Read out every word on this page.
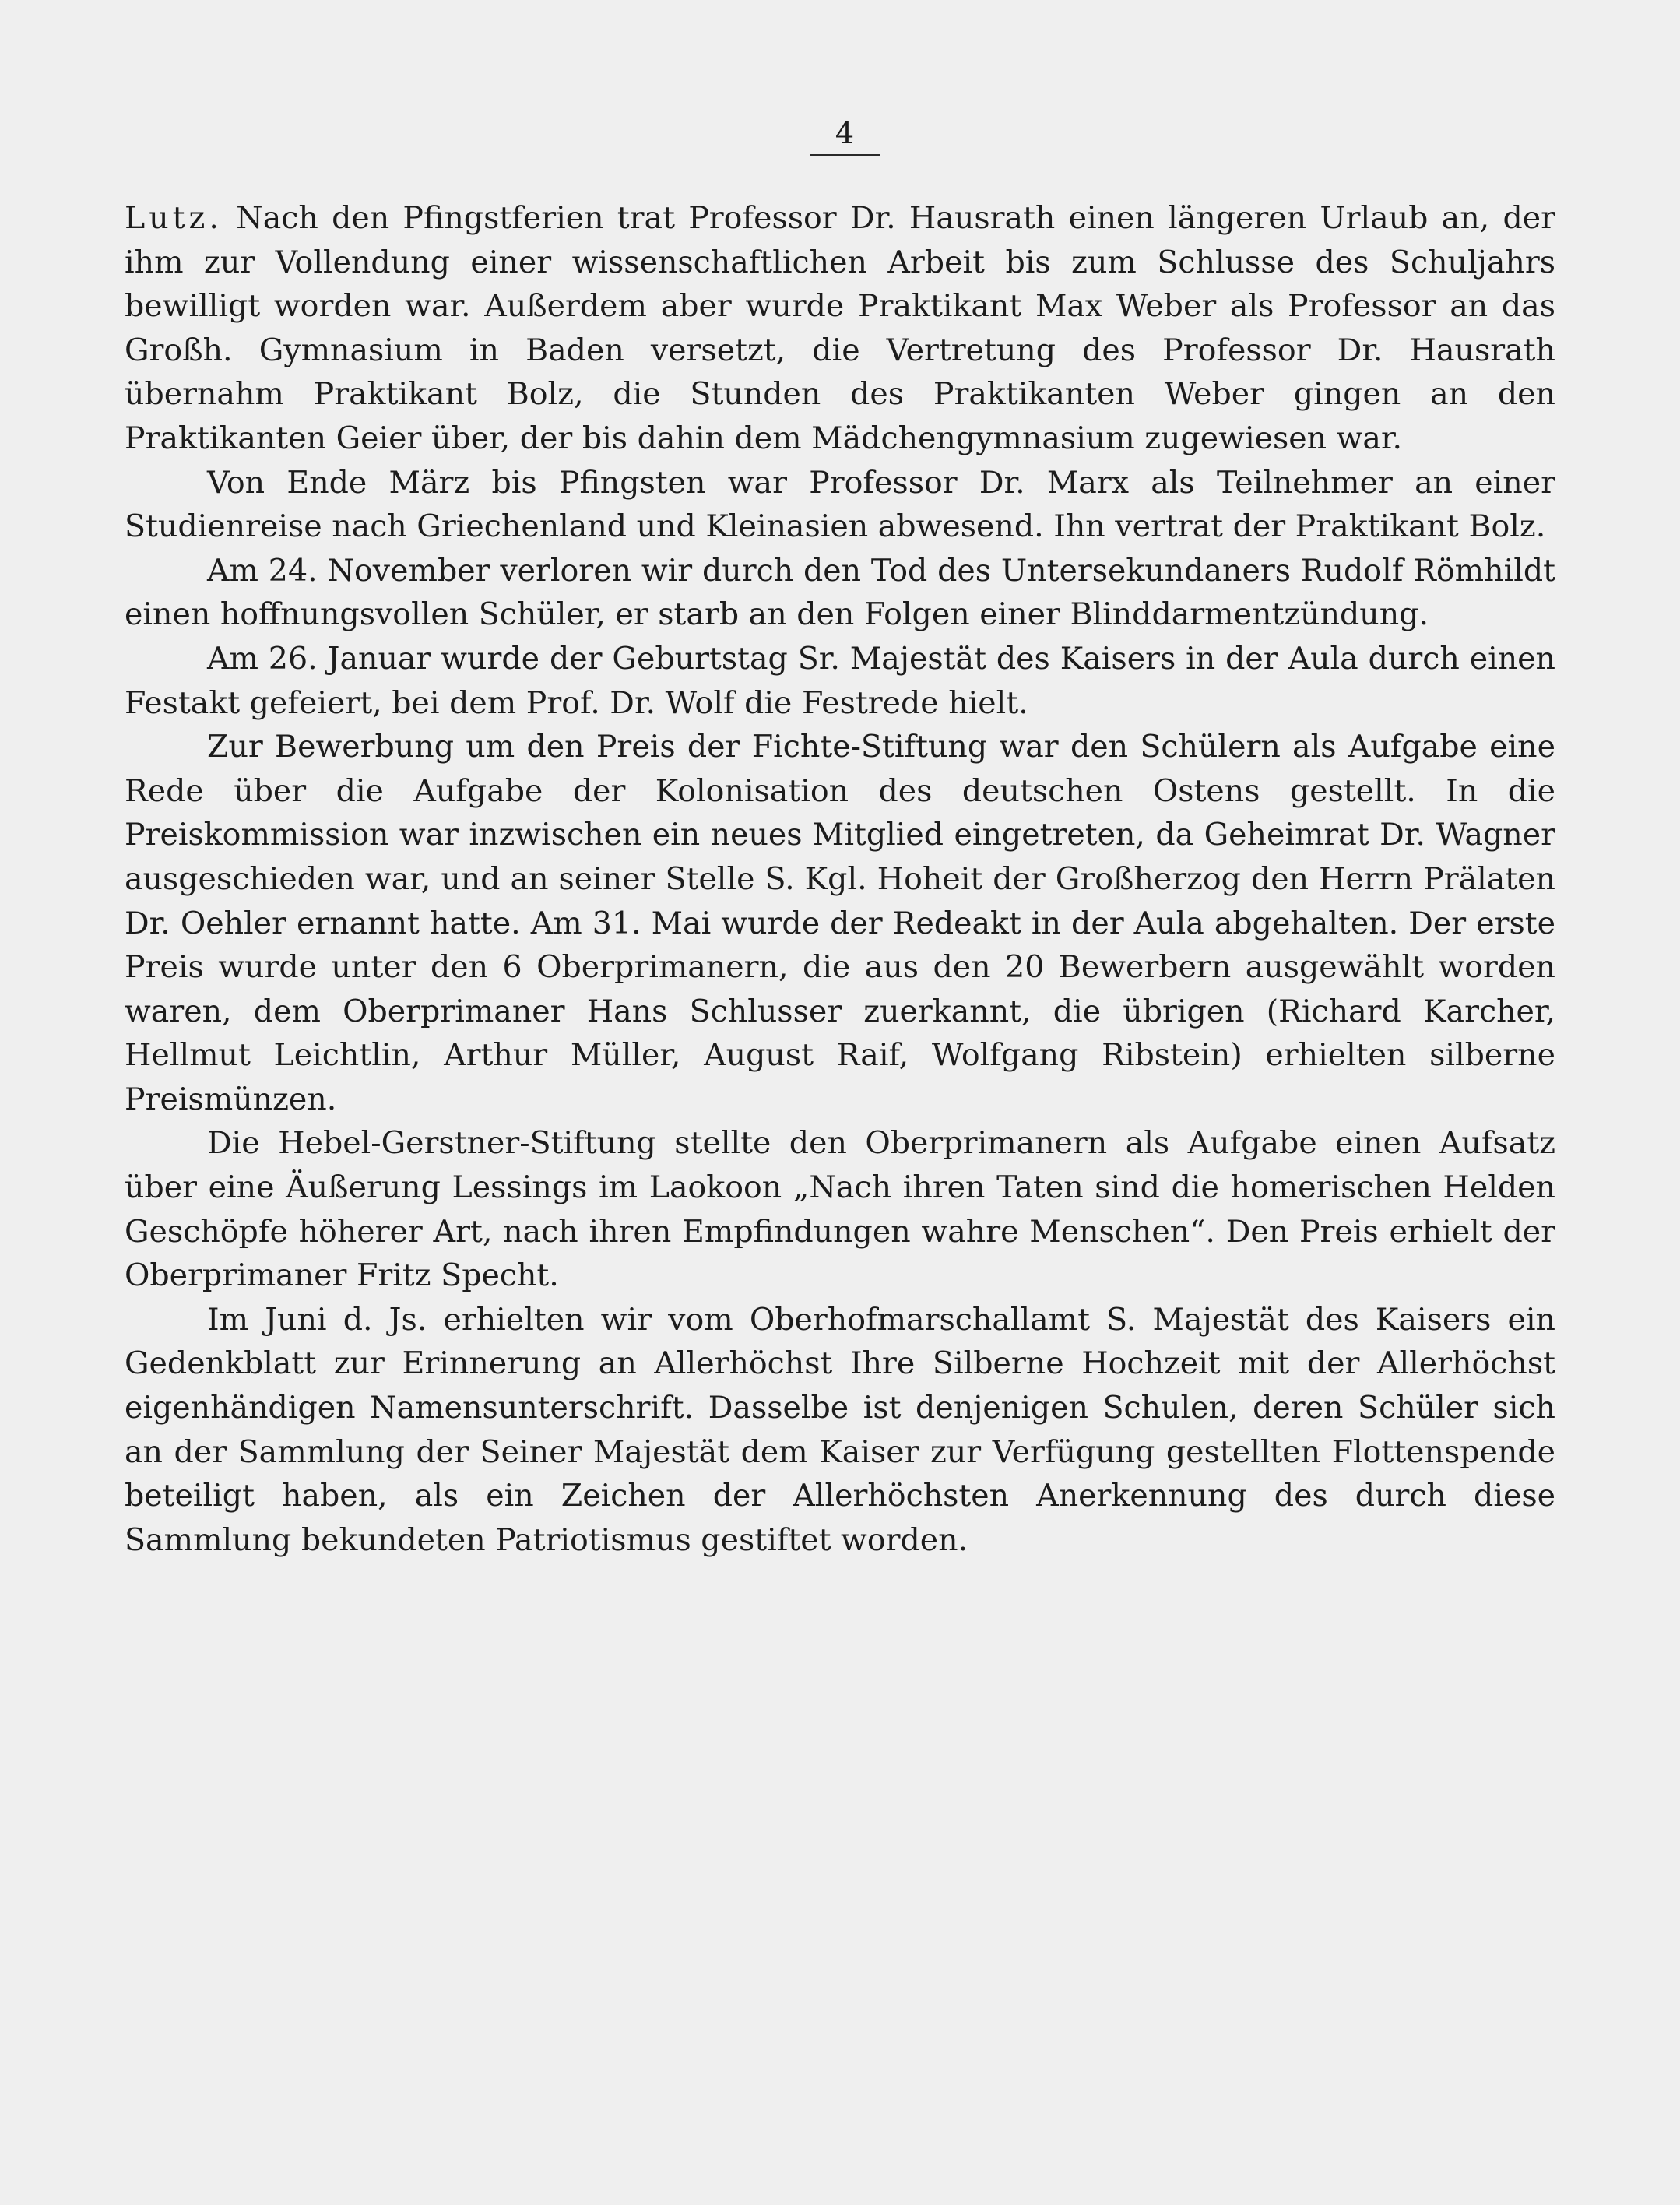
4

Lutz. Nach den Pfingstferien trat Professor Dr. Hausrath einen längeren Urlaub an, der ihm zur Vollendung einer wissenschaftlichen Arbeit bis zum Schlusse des Schuljahrs bewilligt worden war. Außerdem aber wurde Praktikant Max Weber als Professor an das Großh. Gymnasium in Baden versetzt, die Vertretung des Professor Dr. Hausrath übernahm Praktikant Bolz, die Stunden des Praktikanten Weber gingen an den Praktikanten Geier über, der bis dahin dem Mädchengymnasium zugewiesen war.

Von Ende März bis Pfingsten war Professor Dr. Marx als Teilnehmer an einer Studienreise nach Griechenland und Kleinasien abwesend. Ihn vertrat der Praktikant Bolz.

Am 24. November verloren wir durch den Tod des Untersekundaners Rudolf Römhildt einen hoffnungsvollen Schüler, er starb an den Folgen einer Blinddarmentzündung.

Am 26. Januar wurde der Geburtstag Sr. Majestät des Kaisers in der Aula durch einen Festakt gefeiert, bei dem Prof. Dr. Wolf die Festrede hielt.

Zur Bewerbung um den Preis der Fichte-Stiftung war den Schülern als Aufgabe eine Rede über die Aufgabe der Kolonisation des deutschen Ostens gestellt. In die Preiskommission war inzwischen ein neues Mitglied eingetreten, da Geheimrat Dr. Wagner ausgeschieden war, und an seiner Stelle S. Kgl. Hoheit der Großherzog den Herrn Prälaten Dr. Oehler ernannt hatte. Am 31. Mai wurde der Redeakt in der Aula abgehalten. Der erste Preis wurde unter den 6 Oberprimanern, die aus den 20 Bewerbern ausgewählt worden waren, dem Oberprimaner Hans Schlusser zuerkannt, die übrigen (Richard Karcher, Hellmut Leichtlin, Arthur Müller, August Raif, Wolfgang Ribstein) erhielten silberne Preismünzen.

Die Hebel-Gerstner-Stiftung stellte den Oberprimanern als Aufgabe einen Aufsatz über eine Äußerung Lessings im Laokoon „Nach ihren Taten sind die homerischen Helden Geschöpfe höherer Art, nach ihren Empfindungen wahre Menschen“. Den Preis erhielt der Oberprimaner Fritz Specht.

Im Juni d. Js. erhielten wir vom Oberhofmarschallamt S. Majestät des Kaisers ein Gedenkblatt zur Erinnerung an Allerhöchst Ihre Silberne Hochzeit mit der Allerhöchst eigenhändigen Namensunterschrift. Dasselbe ist denjenigen Schulen, deren Schüler sich an der Sammlung der Seiner Majestät dem Kaiser zur Verfügung gestellten Flottenspende beteiligt haben, als ein Zeichen der Allerhöchsten Anerkennung des durch diese Sammlung bekundeten Patriotismus gestiftet worden.
